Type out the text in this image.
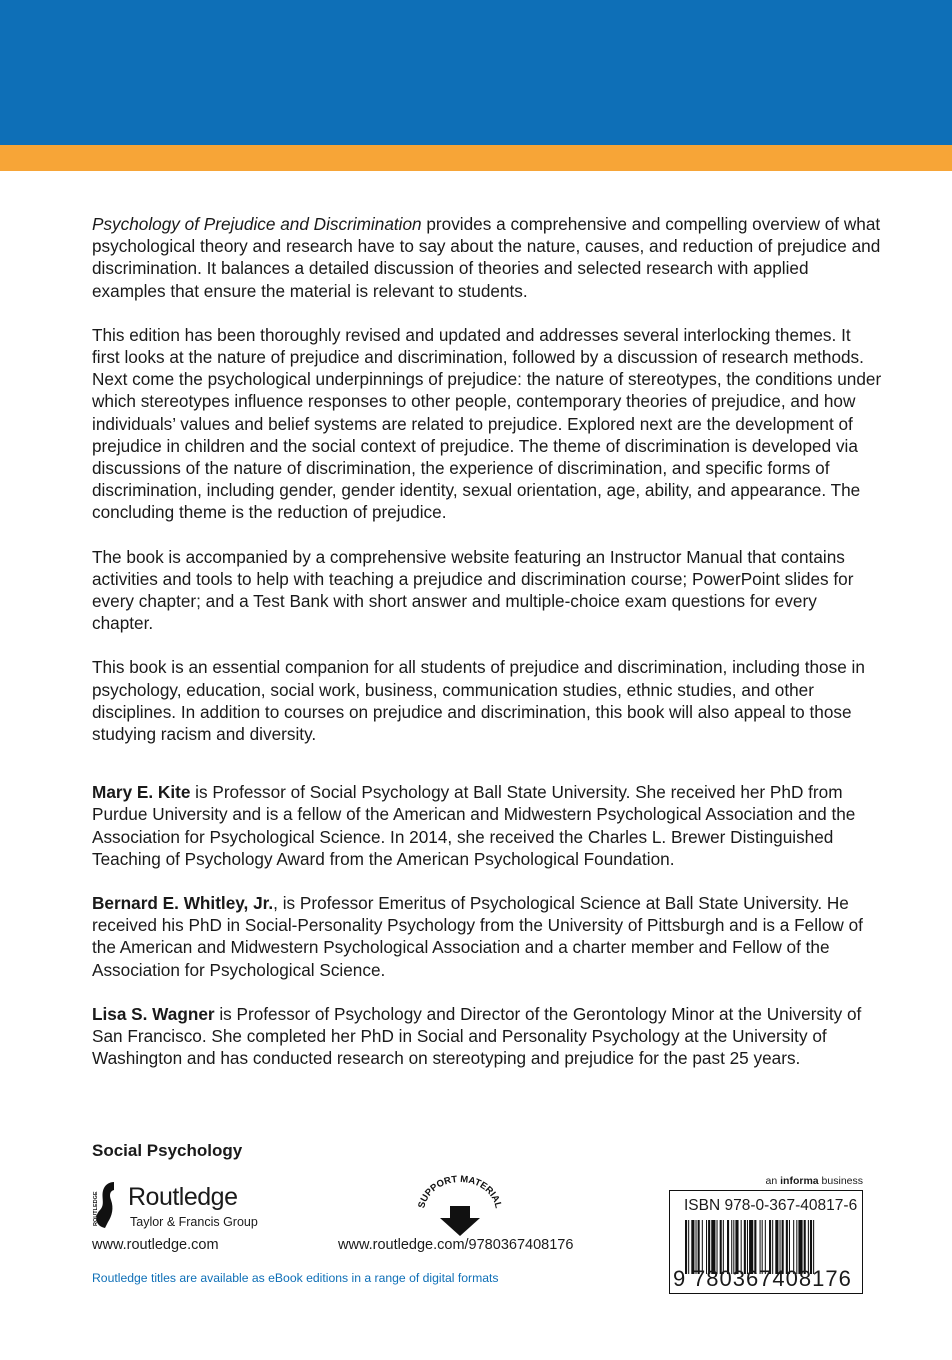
Psychology of Prejudice and Discrimination provides a comprehensive and compelling overview of what psychological theory and research have to say about the nature, causes, and reduction of prejudice and discrimination. It balances a detailed discussion of theories and selected research with applied examples that ensure the material is relevant to students.

This edition has been thoroughly revised and updated and addresses several interlocking themes. It first looks at the nature of prejudice and discrimination, followed by a discussion of research methods. Next come the psychological underpinnings of prejudice: the nature of stereotypes, the conditions under which stereotypes influence responses to other people, contemporary theories of prejudice, and how individuals’ values and belief systems are related to prejudice. Explored next are the development of prejudice in children and the social context of prejudice. The theme of discrimination is developed via discussions of the nature of discrimination, the experience of discrimination, and specific forms of discrimination, including gender, gender identity, sexual orientation, age, ability, and appearance. The concluding theme is the reduction of prejudice.

The book is accompanied by a comprehensive website featuring an Instructor Manual that contains activities and tools to help with teaching a prejudice and discrimination course; PowerPoint slides for every chapter; and a Test Bank with short answer and multiple-choice exam questions for every chapter.

This book is an essential companion for all students of prejudice and discrimination, including those in psychology, education, social work, business, communication studies, ethnic studies, and other disciplines. In addition to courses on prejudice and discrimination, this book will also appeal to those studying racism and diversity.

Mary E. Kite is Professor of Social Psychology at Ball State University. She received her PhD from Purdue University and is a fellow of the American and Midwestern Psychological Association and the Association for Psychological Science. In 2014, she received the Charles L. Brewer Distinguished Teaching of Psychology Award from the American Psychological Foundation.

Bernard E. Whitley, Jr., is Professor Emeritus of Psychological Science at Ball State University. He received his PhD in Social-Personality Psychology from the University of Pittsburgh and is a Fellow of the American and Midwestern Psychological Association and a charter member and Fellow of the Association for Psychological Science.

Lisa S. Wagner is Professor of Psychology and Director of the Gerontology Minor at the University of San Francisco. She completed her PhD in Social and Personality Psychology at the University of Washington and has conducted research on stereotyping and prejudice for the past 25 years.

Social Psychology
ROUTLEDGE Routledge
Taylor & Francis Group
www.routledge.com
SUPPORT MATERIAL
www.routledge.com/9780367408176
Routledge titles are available as eBook editions in a range of digital formats
an informa business
ISBN 978-0-367-40817-6
9 780367408176
